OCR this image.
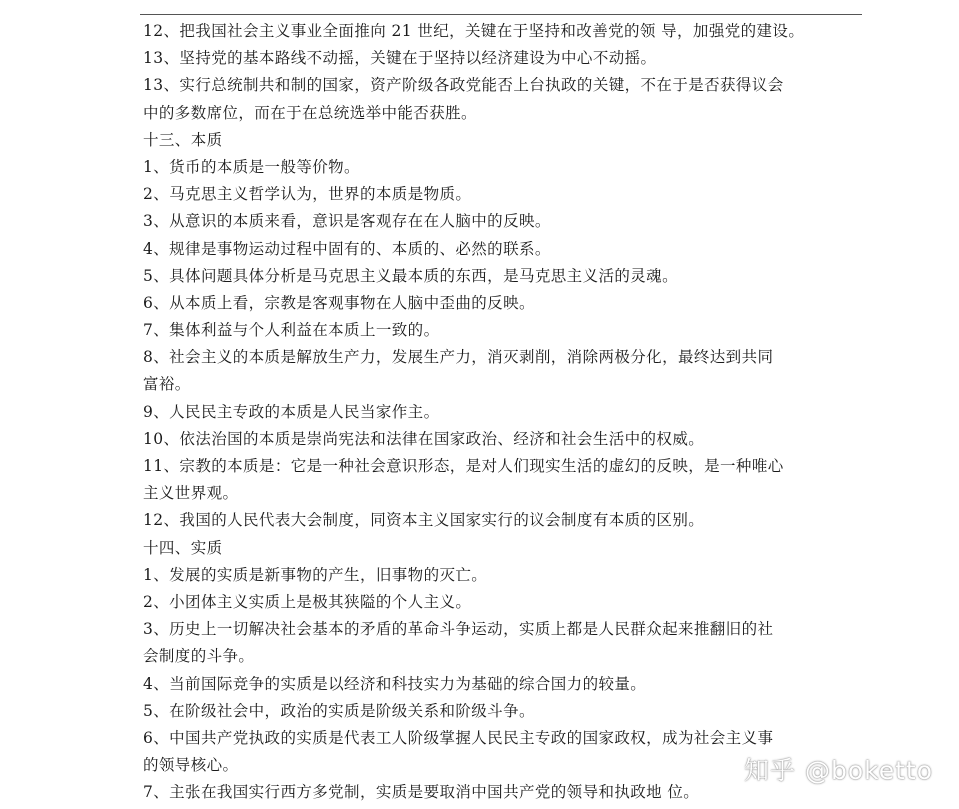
12、把我国社会主义事业全面推向 21 世纪，关键在于坚持和改善党的领 导，加强党的建设。
13、坚持党的基本路线不动摇，关键在于坚持以经济建设为中心不动摇。
13、实行总统制共和制的国家，资产阶级各政党能否上台执政的关键，不在于是否获得议会
中的多数席位，而在于在总统选举中能否获胜。
十三、本质
1、货币的本质是一般等价物。
2、马克思主义哲学认为，世界的本质是物质。
3、从意识的本质来看，意识是客观存在在人脑中的反映。
4、规律是事物运动过程中固有的、本质的、必然的联系。
5、具体问题具体分析是马克思主义最本质的东西，是马克思主义活的灵魂。
6、从本质上看，宗教是客观事物在人脑中歪曲的反映。
7、集体利益与个人利益在本质上一致的。
8、社会主义的本质是解放生产力，发展生产力，消灭剥削，消除两极分化，最终达到共同
富裕。
9、人民民主专政的本质是人民当家作主。
10、依法治国的本质是崇尚宪法和法律在国家政治、经济和社会生活中的权威。
11、宗教的本质是：它是一种社会意识形态，是对人们现实生活的虚幻的反映，是一种唯心
主义世界观。
12、我国的人民代表大会制度，同资本主义国家实行的议会制度有本质的区别。
十四、实质
1、发展的实质是新事物的产生，旧事物的灭亡。
2、小团体主义实质上是极其狭隘的个人主义。
3、历史上一切解决社会基本的矛盾的革命斗争运动，实质上都是人民群众起来推翻旧的社
会制度的斗争。
4、当前国际竞争的实质是以经济和科技实力为基础的综合国力的较量。
5、在阶级社会中，政治的实质是阶级关系和阶级斗争。
6、中国共产党执政的实质是代表工人阶级掌握人民民主专政的国家政权，成为社会主义事
的领导核心。
7、主张在我国实行西方多党制，实质是要取消中国共产党的领导和执政地 位。
知乎 @boketto
